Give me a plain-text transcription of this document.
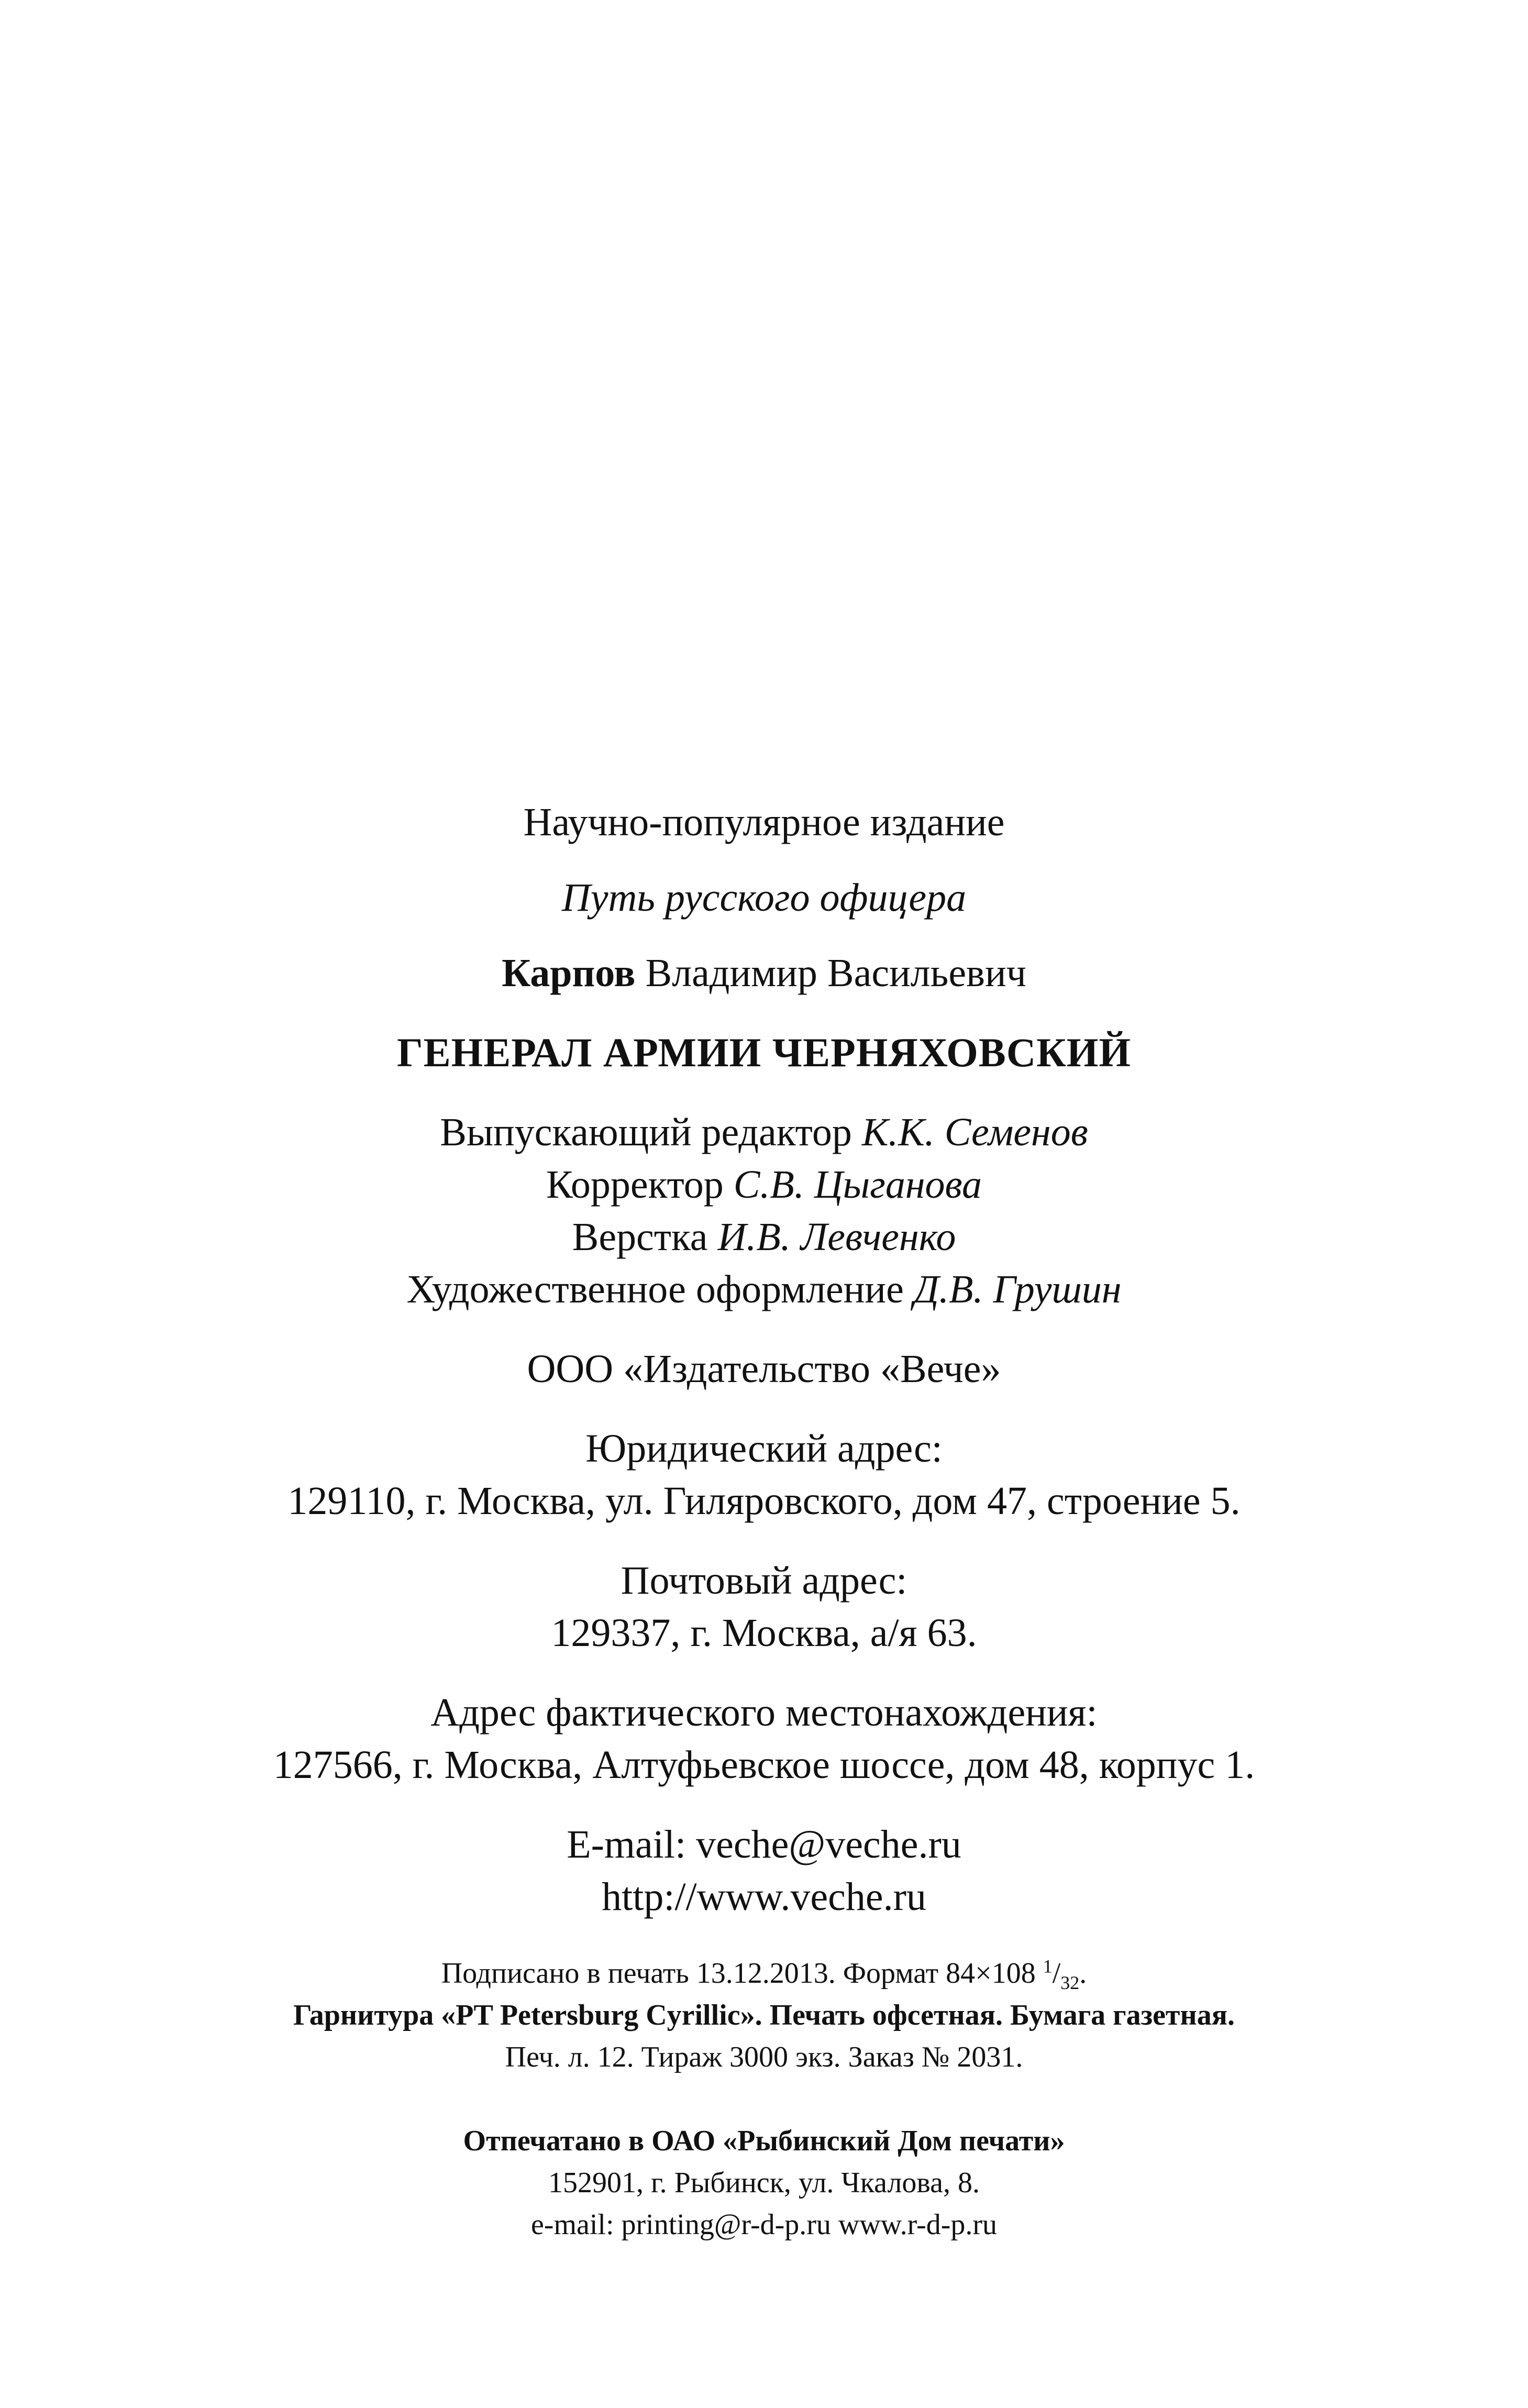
Научно-популярное издание
Путь русского офицера
Карпов Владимир Васильевич
ГЕНЕРАЛ АРМИИ ЧЕРНЯХОВСКИЙ
Выпускающий редактор К.К. Семенов
Корректор С.В. Цыганова
Верстка И.В. Левченко
Художественное оформление Д.В. Грушин
ООО «Издательство «Вече»
Юридический адрес:
129110, г. Москва, ул. Гиляровского, дом 47, строение 5.
Почтовый адрес:
129337, г. Москва, а/я 63.
Адрес фактического местонахождения:
127566, г. Москва, Алтуфьевское шоссе, дом 48, корпус 1.
E-mail: veche@veche.ru
http://www.veche.ru
Подписано в печать 13.12.2013. Формат 84×108 $^1/_{32}$.
Гарнитура «PT Petersburg Cyrillic». Печать офсетная. Бумага газетная.
Печ. л. 12. Тираж 3000 экз. Заказ № 2031.
Отпечатано в ОАО «Рыбинский Дом печати»
152901, г. Рыбинск, ул. Чкалова, 8.
e-mail: printing@r-d-p.ru www.r-d-p.ru
